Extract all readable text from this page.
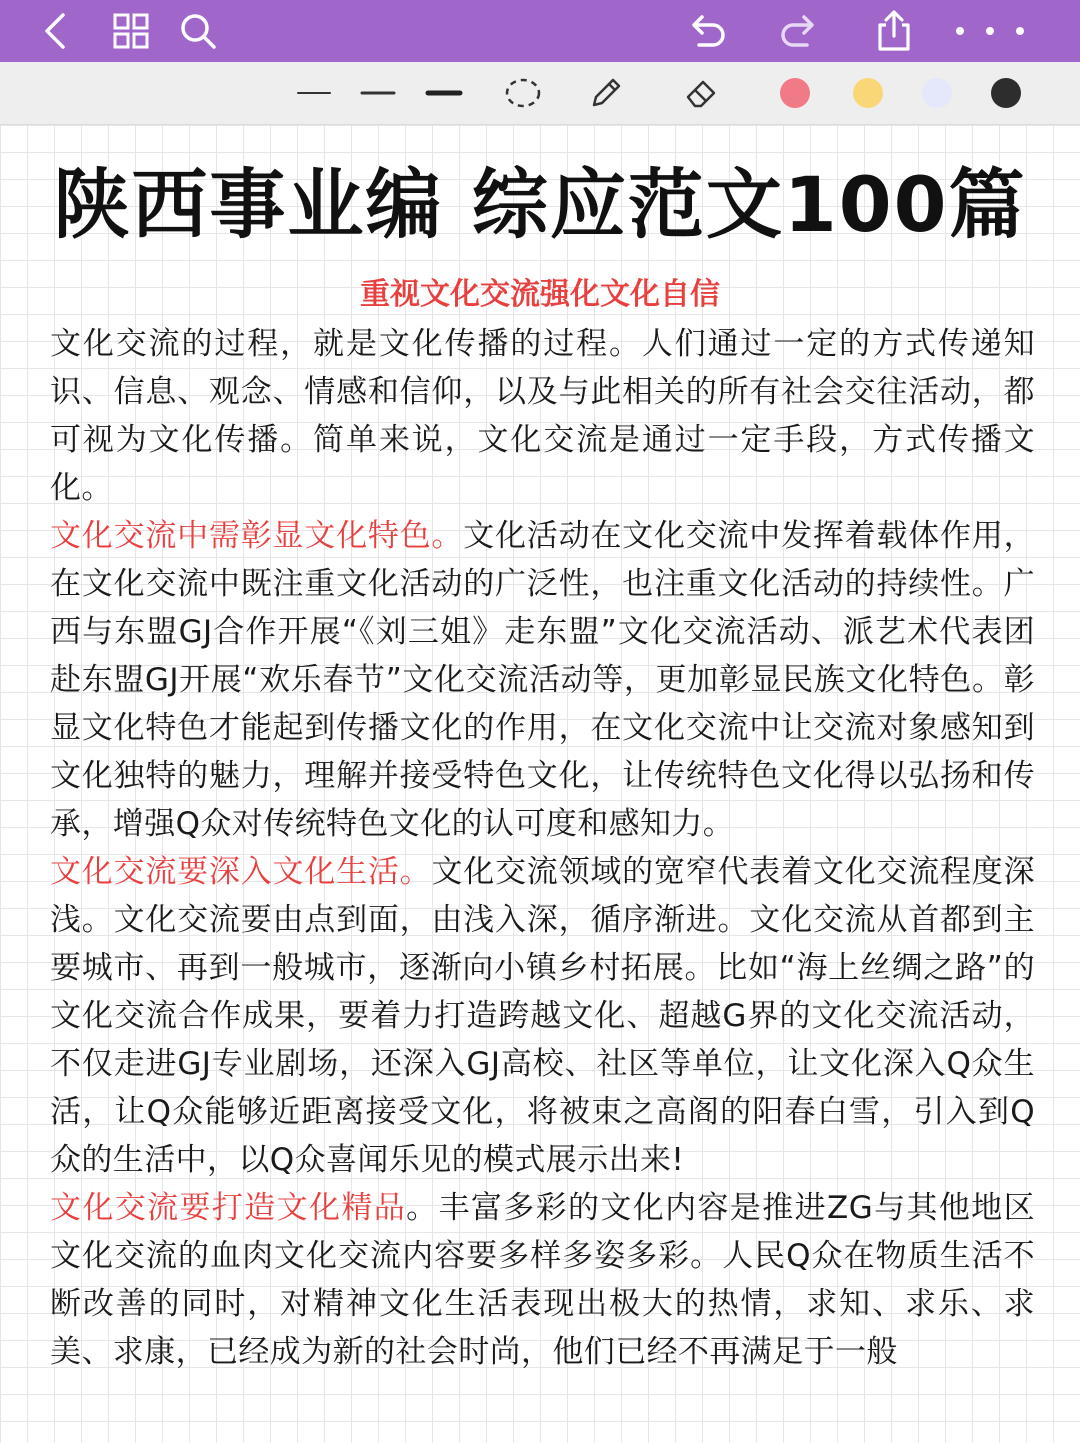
陕西事业编 综应范文100篇
重视文化交流强化文化自信

文化交流的过程，就是文化传播的过程。人们通过一定的方式传递知识、信息、观念、情感和信仰，以及与此相关的所有社会交往活动，都可视为文化传播。简单来说，文化交流是通过一定手段，方式传播文化。

文化交流中需彰显文化特色。文化活动在文化交流中发挥着载体作用，在文化交流中既注重文化活动的广泛性，也注重文化活动的持续性。广西与东盟GJ合作开展“《刘三姐》走东盟”文化交流活动、派艺术代表团赴东盟GJ开展“欢乐春节”文化交流活动等，更加彰显民族文化特色。彰显文化特色才能起到传播文化的作用，在文化交流中让交流对象感知到文化独特的魅力，理解并接受特色文化，让传统特色文化得以弘扬和传承，增强Q众对传统特色文化的认可度和感知力。

文化交流要深入文化生活。文化交流领域的宽窄代表着文化交流程度深浅。文化交流要由点到面，由浅入深，循序渐进。文化交流从首都到主要城市、再到一般城市，逐渐向小镇乡村拓展。比如“海上丝绸之路”的文化交流合作成果，要着力打造跨越文化、超越G界的文化交流活动，不仅走进GJ专业剧场，还深入GJ高校、社区等单位，让文化深入Q众生活，让Q众能够近距离接受文化，将被束之高阁的阳春白雪，引入到Q众的生活中，以Q众喜闻乐见的模式展示出来!

文化交流要打造文化精品。丰富多彩的文化内容是推进ZG与其他地区文化交流的血肉文化交流内容要多样多姿多彩。人民Q众在物质生活不断改善的同时，对精神文化生活表现出极大的热情，求知、求乐、求美、求康，已经成为新的社会时尚，他们已经不再满足于一般
